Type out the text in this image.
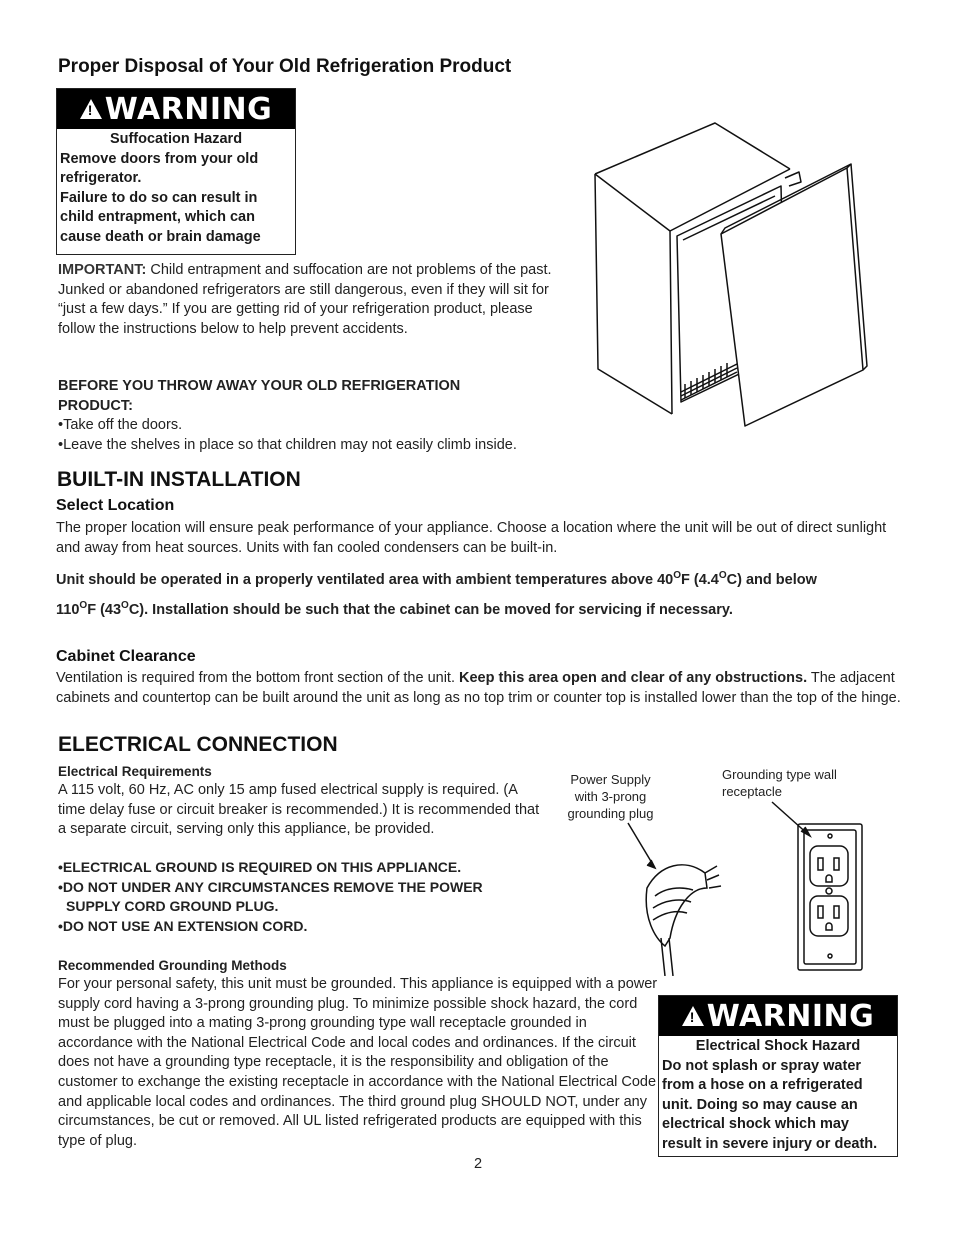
Proper Disposal of Your Old Refrigeration Product
! WARNING
Suffocation Hazard
Remove doors from your old
refrigerator.
Failure to do so can result in
child entrapment, which can
cause death or brain damage
IMPORTANT: Child entrapment and suffocation are not problems of the past. Junked or abandoned refrigerators are still dangerous, even if they will sit for “just a few days.” If you are getting rid of your refrigeration product, please follow the instructions below to help prevent accidents.
BEFORE YOU THROW AWAY YOUR OLD REFRIGERATION PRODUCT:
•Take off the doors.
•Leave the shelves in place so that children may not easily climb inside.
BUILT-IN INSTALLATION
Select Location
The proper location will ensure peak performance of your appliance. Choose a location where the unit will be out of direct sunlight and away from heat sources. Units with fan cooled condensers can be built-in.
Unit should be operated in a properly ventilated area with ambient temperatures above $40^OF$ $(4.4^OC)$ and below
$110^OF$ $(43^OC)$. Installation should be such that the cabinet can be moved for servicing if necessary.
Cabinet Clearance
Ventilation is required from the bottom front section of the unit. Keep this area open and clear of any obstructions. The adjacent cabinets and countertop can be built around the unit as long as no top trim or counter top is installed lower than the top of the hinge.
ELECTRICAL CONNECTION
Electrical Requirements
A 115 volt, 60 Hz, AC only 15 amp fused electrical supply is required. (A time delay fuse or circuit breaker is recommended.) It is recommended that a separate circuit, serving only this appliance, be provided.
•ELECTRICAL GROUND IS REQUIRED ON THIS APPLIANCE.
•DO NOT UNDER ANY CIRCUMSTANCES REMOVE THE POWER
SUPPLY CORD GROUND PLUG.
•DO NOT USE AN EXTENSION CORD.
Recommended Grounding Methods
For your personal safety, this unit must be grounded. This appliance is equipped with a power supply cord having a 3-prong grounding plug. To minimize possible shock hazard, the cord must be plugged into a mating 3-prong grounding type wall receptacle grounded in accordance with the National Electrical Code and local codes and ordinances. If the circuit does not have a grounding type receptacle, it is the responsibility and obligation of the customer to exchange the existing receptacle in accordance with the National Electrical Code and applicable local codes and ordinances. The third ground plug SHOULD NOT, under any circumstances, be cut or removed. All UL listed refrigerated products are equipped with this type of plug.
Power Supply
with 3-prong
grounding plug
Grounding type wall
receptacle
! WARNING
Electrical Shock Hazard
Do not splash or spray water
from a hose on a refrigerated
unit. Doing so may cause an
electrical shock which may
result in severe injury or death.
2
